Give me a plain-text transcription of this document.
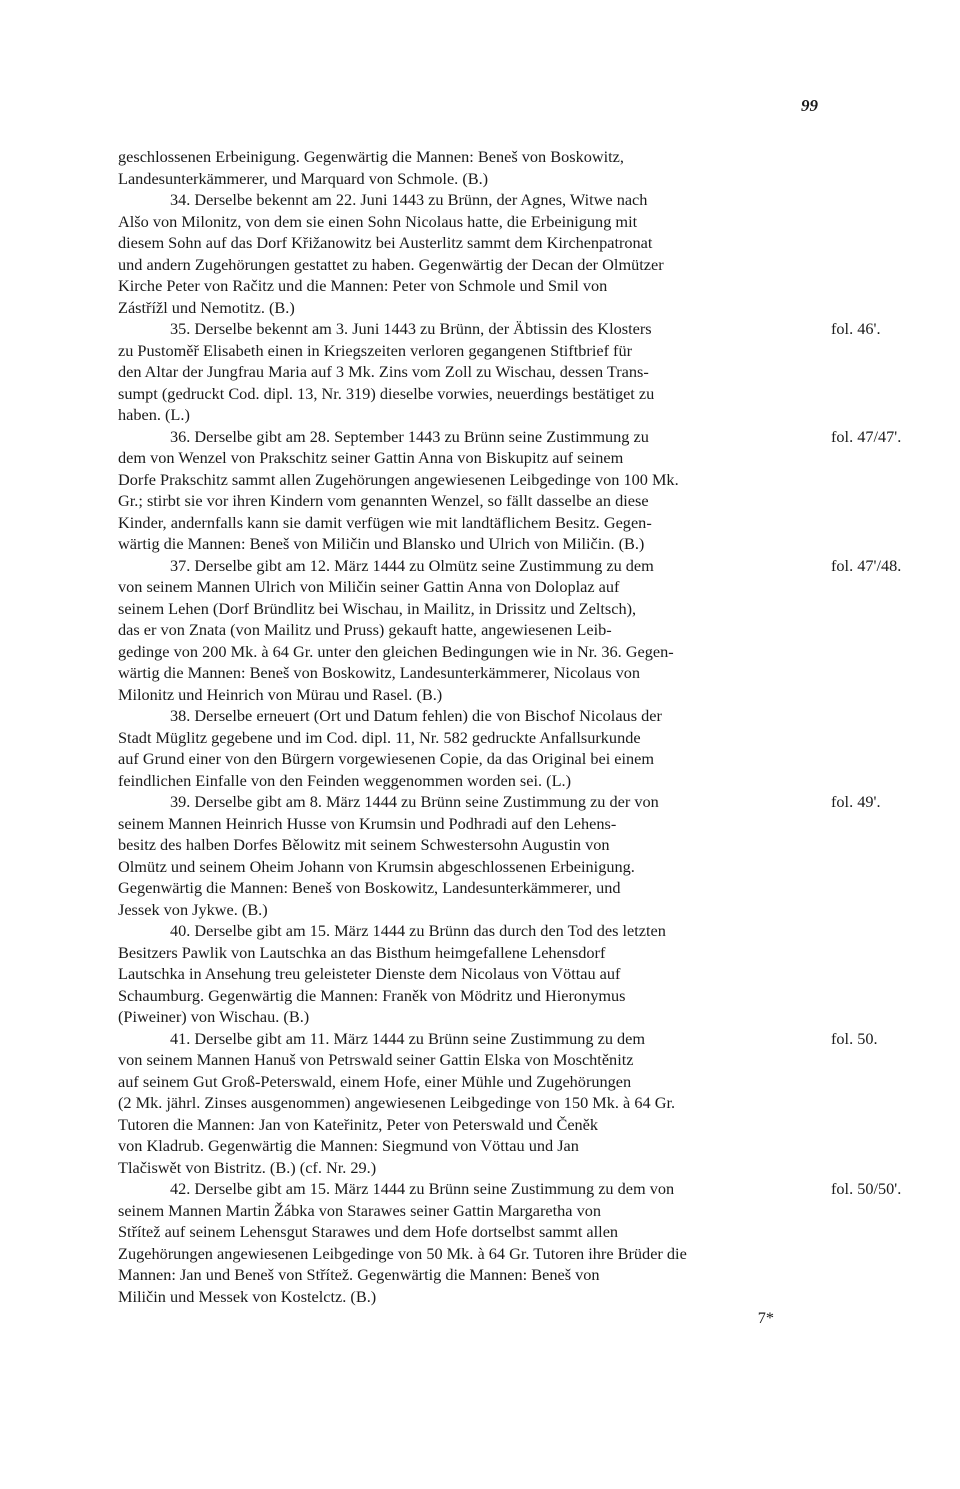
99
geschlossenen Erbeinigung. Gegenwärtig die Mannen: Beneš von Boskowitz,
Landesunterkämmerer, und Marquard von Schmole. (B.)
34. Derselbe bekennt am 22. Juni 1443 zu Brünn, der Agnes, Witwe nach
Alšo von Milonitz, von dem sie einen Sohn Nicolaus hatte, die Erbeinigung mit
diesem Sohn auf das Dorf Křižanowitz bei Austerlitz sammt dem Kirchenpatronat
und andern Zugehörungen gestattet zu haben. Gegenwärtig der Decan der Olmützer
Kirche Peter von Račitz und die Mannen: Peter von Schmole und Smil von
Zástřížl und Nemotitz. (B.)
35. Derselbe bekennt am 3. Juni 1443 zu Brünn, der Äbtissin des Klosters	fol. 46'.
zu Pustoměř Elisabeth einen in Kriegszeiten verloren gegangenen Stiftbrief für
den Altar der Jungfrau Maria auf 3 Mk. Zins vom Zoll zu Wischau, dessen Trans-
sumpt (gedruckt Cod. dipl. 13, Nr. 319) dieselbe vorwies, neuerdings bestätiget zu
haben. (L.)
36. Derselbe gibt am 28. September 1443 zu Brünn seine Zustimmung zu	fol. 47/47'.
dem von Wenzel von Prakschitz seiner Gattin Anna von Biskupitz auf seinem
Dorfe Prakschitz sammt allen Zugehörungen angewiesenen Leibgedinge von 100 Mk.
Gr.; stirbt sie vor ihren Kindern vom genannten Wenzel, so fällt dasselbe an diese
Kinder, andernfalls kann sie damit verfügen wie mit landtäflichem Besitz. Gegen-
wärtig die Mannen: Beneš von Miličin und Blansko und Ulrich von Miličin. (B.)
37. Derselbe gibt am 12. März 1444 zu Olmütz seine Zustimmung zu dem	fol. 47'/48.
von seinem Mannen Ulrich von Miličin seiner Gattin Anna von Doloplaz auf
seinem Lehen (Dorf Bründlitz bei Wischau, in Mailitz, in Drissitz und Zeltsch),
das er von Znata (von Mailitz und Pruss) gekauft hatte, angewiesenen Leib-
gedinge von 200 Mk. à 64 Gr. unter den gleichen Bedingungen wie in Nr. 36. Gegen-
wärtig die Mannen: Beneš von Boskowitz, Landesunterkämmerer, Nicolaus von
Milonitz und Heinrich von Mürau und Rasel. (B.)
38. Derselbe erneuert (Ort und Datum fehlen) die von Bischof Nicolaus der
Stadt Müglitz gegebene und im Cod. dipl. 11, Nr. 582 gedruckte Anfallsurkunde
auf Grund einer von den Bürgern vorgewiesenen Copie, da das Original bei einem
feindlichen Einfalle von den Feinden weggenommen worden sei. (L.)
39. Derselbe gibt am 8. März 1444 zu Brünn seine Zustimmung zu der von	fol. 49'.
seinem Mannen Heinrich Husse von Krumsin und Podhradi auf den Lehens-
besitz des halben Dorfes Bělowitz mit seinem Schwestersohn Augustin von
Olmütz und seinem Oheim Johann von Krumsin abgeschlossenen Erbeinigung.
Gegenwärtig die Mannen: Beneš von Boskowitz, Landesunterkämmerer, und
Jessek von Jykwe. (B.)
40. Derselbe gibt am 15. März 1444 zu Brünn das durch den Tod des letzten
Besitzers Pawlik von Lautschka an das Bisthum heimgefallene Lehensdorf
Lautschka in Ansehung treu geleisteter Dienste dem Nicolaus von Vöttau auf
Schaumburg. Gegenwärtig die Mannen: Franěk von Mödritz und Hieronymus
(Piweiner) von Wischau. (B.)
41. Derselbe gibt am 11. März 1444 zu Brünn seine Zustimmung zu dem	fol. 50.
von seinem Mannen Hanuš von Petrswald seiner Gattin Elska von Moschtěnitz
auf seinem Gut Groß-Peterswald, einem Hofe, einer Mühle und Zugehörungen
(2 Mk. jährl. Zinses ausgenommen) angewiesenen Leibgedinge von 150 Mk. à 64 Gr.
Tutoren die Mannen: Jan von Kateřinitz, Peter von Peterswald und Čeněk
von Kladrub. Gegenwärtig die Mannen: Siegmund von Vöttau und Jan
Tlačiswět von Bistritz. (B.) (cf. Nr. 29.)
42. Derselbe gibt am 15. März 1444 zu Brünn seine Zustimmung zu dem von	fol. 50/50'.
seinem Mannen Martin Žábka von Starawes seiner Gattin Margaretha von
Střítež auf seinem Lehensgut Starawes und dem Hofe dortselbst sammt allen
Zugehörungen angewiesenen Leibgedinge von 50 Mk. à 64 Gr. Tutoren ihre Brüder die
Mannen: Jan und Beneš von Střítež. Gegenwärtig die Mannen: Beneš von
Miličin und Messek von Kostelctz. (B.)
7*
